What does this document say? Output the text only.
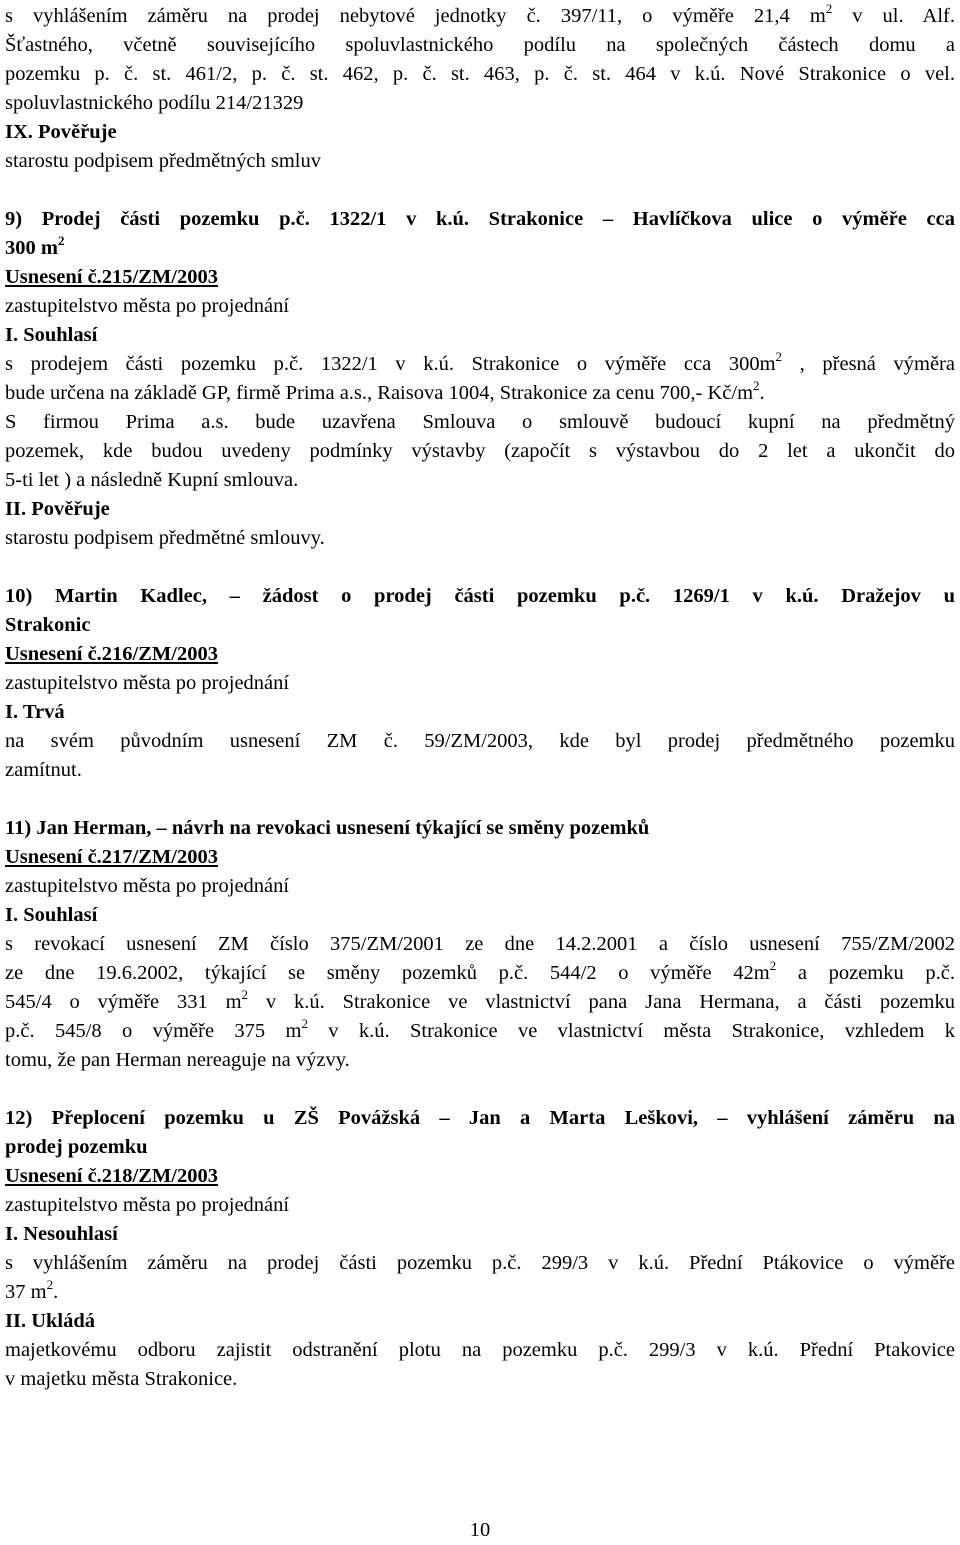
s vyhlášením záměru na prodej nebytové jednotky č. 397/11, o výměře 21,4 $m^2$ v ul. Alf.
Šťastného, včetně souvisejícího spoluvlastnického podílu na společných částech domu a
pozemku p. č. st. 461/2, p. č. st. 462, p. č. st. 463, p. č. st. 464 v k.ú. Nové Strakonice o vel.
spoluvlastnického podílu 214/21329
IX. Pověřuje
starostu podpisem předmětných smluv
9) Prodej části pozemku p.č. 1322/1 v k.ú. Strakonice – Havlíčkova ulice o výměře cca
300 $m^2$
Usnesení č.215/ZM/2003
zastupitelstvo města po projednání
I. Souhlasí
s prodejem části pozemku p.č. 1322/1 v k.ú. Strakonice o výměře cca $300m^2$ , přesná výměra
bude určena na základě GP, firmě Prima a.s., Raisova 1004, Strakonice za cenu 700,- $Kč/m^2$.
S firmou Prima a.s. bude uzavřena Smlouva o smlouvě budoucí kupní na předmětný
pozemek, kde budou uvedeny podmínky výstavby (započít s výstavbou do 2 let a ukončit do
5-ti let ) a následně Kupní smlouva.
II. Pověřuje
starostu podpisem předmětné smlouvy.
10) Martin Kadlec, – žádost o prodej části pozemku p.č. 1269/1 v k.ú. Dražejov u
Strakonic
Usnesení č.216/ZM/2003
zastupitelstvo města po projednání
I. Trvá
na svém původním usnesení ZM č. 59/ZM/2003, kde byl prodej předmětného pozemku
zamítnut.
11) Jan Herman, – návrh na revokaci usnesení týkající se směny pozemků
Usnesení č.217/ZM/2003
zastupitelstvo města po projednání
I. Souhlasí
s revokací usnesení ZM číslo 375/ZM/2001 ze dne 14.2.2001 a číslo usnesení 755/ZM/2002
ze dne 19.6.2002, týkající se směny pozemků p.č. 544/2 o výměře $42m^2$ a pozemku p.č.
545/4 o výměře 331 $m^2$ v k.ú. Strakonice ve vlastnictví pana Jana Hermana, a části pozemku
p.č. 545/8 o výměře 375 $m^2$ v k.ú. Strakonice ve vlastnictví města Strakonice, vzhledem k
tomu, že pan Herman nereaguje na výzvy.
12) Přeplocení pozemku u ZŠ Povážská – Jan a Marta Leškovi, – vyhlášení záměru na
prodej pozemku
Usnesení č.218/ZM/2003
zastupitelstvo města po projednání
I. Nesouhlasí
s vyhlášením záměru na prodej části pozemku p.č. 299/3 v k.ú. Přední Ptákovice o výměře
37 $m^2$.
II. Ukládá
majetkovému odboru zajistit odstranění plotu na pozemku p.č. 299/3 v k.ú. Přední Ptakovice
v majetku města Strakonice.
10
